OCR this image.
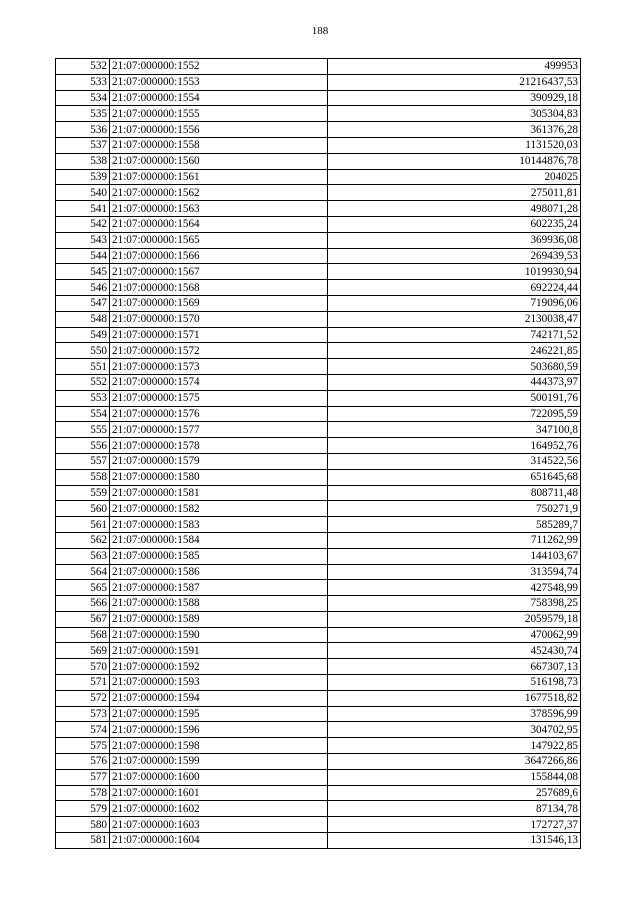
188
532	21:07:000000:1552	499953
533	21:07:000000:1553	21216437,53
534	21:07:000000:1554	390929,18
535	21:07:000000:1555	305304,83
536	21:07:000000:1556	361376,28
537	21:07:000000:1558	1131520,03
538	21:07:000000:1560	10144876,78
539	21:07:000000:1561	204025
540	21:07:000000:1562	275011,81
541	21:07:000000:1563	498071,28
542	21:07:000000:1564	602235,24
543	21:07:000000:1565	369936,08
544	21:07:000000:1566	269439,53
545	21:07:000000:1567	1019930,94
546	21:07:000000:1568	692224,44
547	21:07:000000:1569	719096,06
548	21:07:000000:1570	2130038,47
549	21:07:000000:1571	742171,52
550	21:07:000000:1572	246221,85
551	21:07:000000:1573	503680,59
552	21:07:000000:1574	444373,97
553	21:07:000000:1575	500191,76
554	21:07:000000:1576	722095,59
555	21:07:000000:1577	347100,8
556	21:07:000000:1578	164952,76
557	21:07:000000:1579	314522,56
558	21:07:000000:1580	651645,68
559	21:07:000000:1581	808711,48
560	21:07:000000:1582	750271,9
561	21:07:000000:1583	585289,7
562	21:07:000000:1584	711262,99
563	21:07:000000:1585	144103,67
564	21:07:000000:1586	313594,74
565	21:07:000000:1587	427548,99
566	21:07:000000:1588	758398,25
567	21:07:000000:1589	2059579,18
568	21:07:000000:1590	470062,99
569	21:07:000000:1591	452430,74
570	21:07:000000:1592	667307,13
571	21:07:000000:1593	516198,73
572	21:07:000000:1594	1677518,82
573	21:07:000000:1595	378596,99
574	21:07:000000:1596	304702,95
575	21:07:000000:1598	147922,85
576	21:07:000000:1599	3647266,86
577	21:07:000000:1600	155844,08
578	21:07:000000:1601	257689,6
579	21:07:000000:1602	87134,78
580	21:07:000000:1603	172727,37
581	21:07:000000:1604	131546,13
